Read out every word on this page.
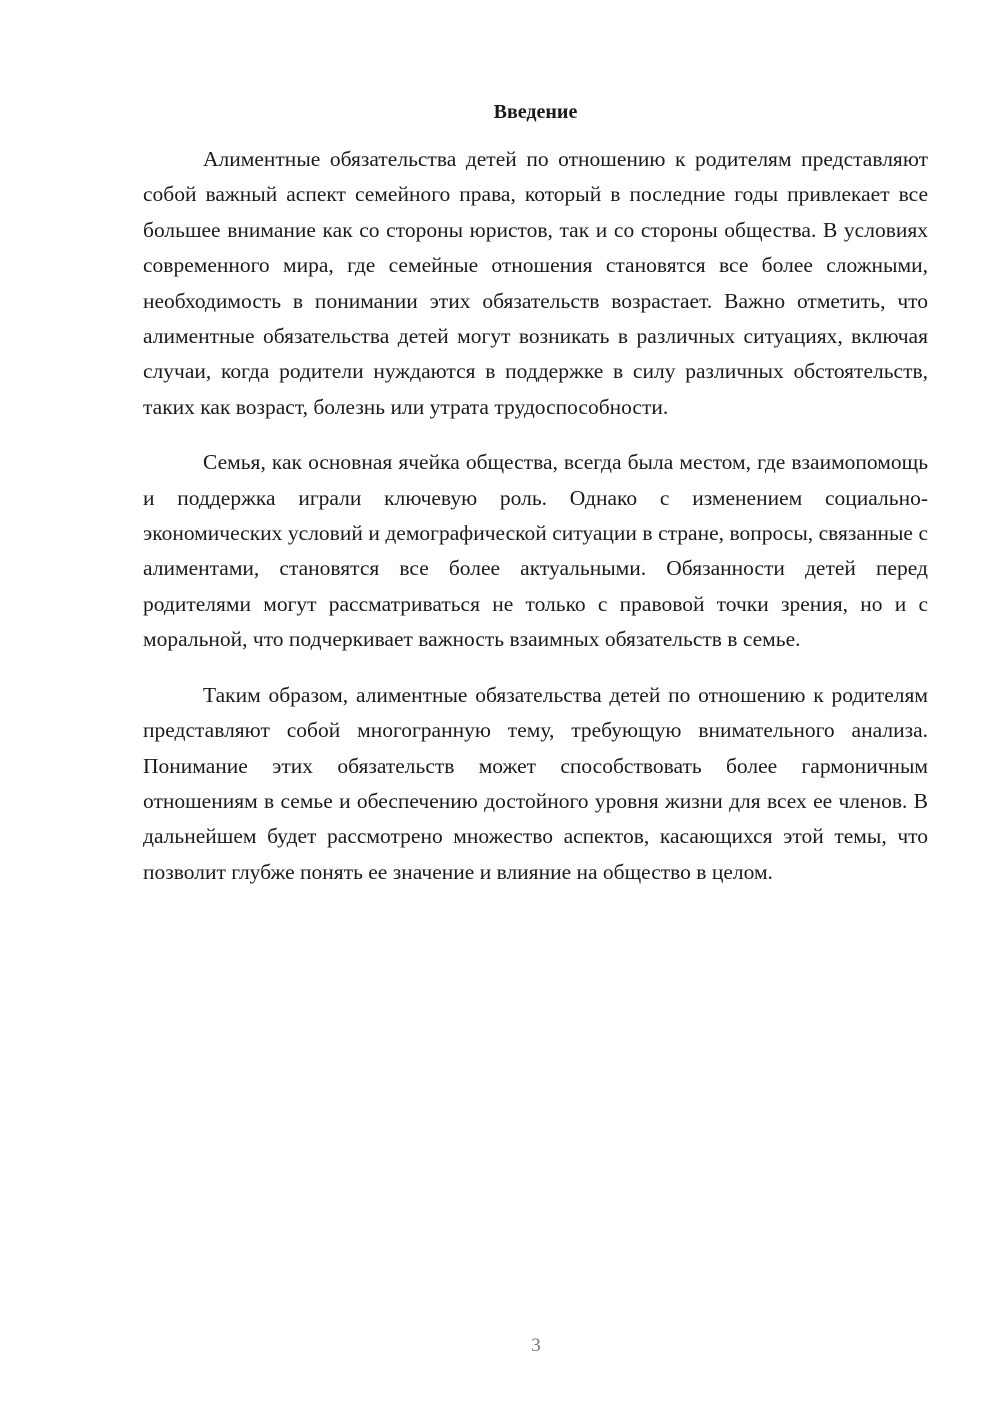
Введение

Алиментные обязательства детей по отношению к родителям представляют собой важный аспект семейного права, который в последние годы привлекает все большее внимание как со стороны юристов, так и со стороны общества. В условиях современного мира, где семейные отношения становятся все более сложными, необходимость в понимании этих обязательств возрастает. Важно отметить, что алиментные обязательства детей могут возникать в различных ситуациях, включая случаи, когда родители нуждаются в поддержке в силу различных обстоятельств, таких как возраст, болезнь или утрата трудоспособности.

Семья, как основная ячейка общества, всегда была местом, где взаимопомощь и поддержка играли ключевую роль. Однако с изменением социально-экономических условий и демографической ситуации в стране, вопросы, связанные с алиментами, становятся все более актуальными. Обязанности детей перед родителями могут рассматриваться не только с правовой точки зрения, но и с моральной, что подчеркивает важность взаимных обязательств в семье.

Таким образом, алиментные обязательства детей по отношению к родителям представляют собой многогранную тему, требующую внимательного анализа. Понимание этих обязательств может способствовать более гармоничным отношениям в семье и обеспечению достойного уровня жизни для всех ее членов. В дальнейшем будет рассмотрено множество аспектов, касающихся этой темы, что позволит глубже понять ее значение и влияние на общество в целом.

3
